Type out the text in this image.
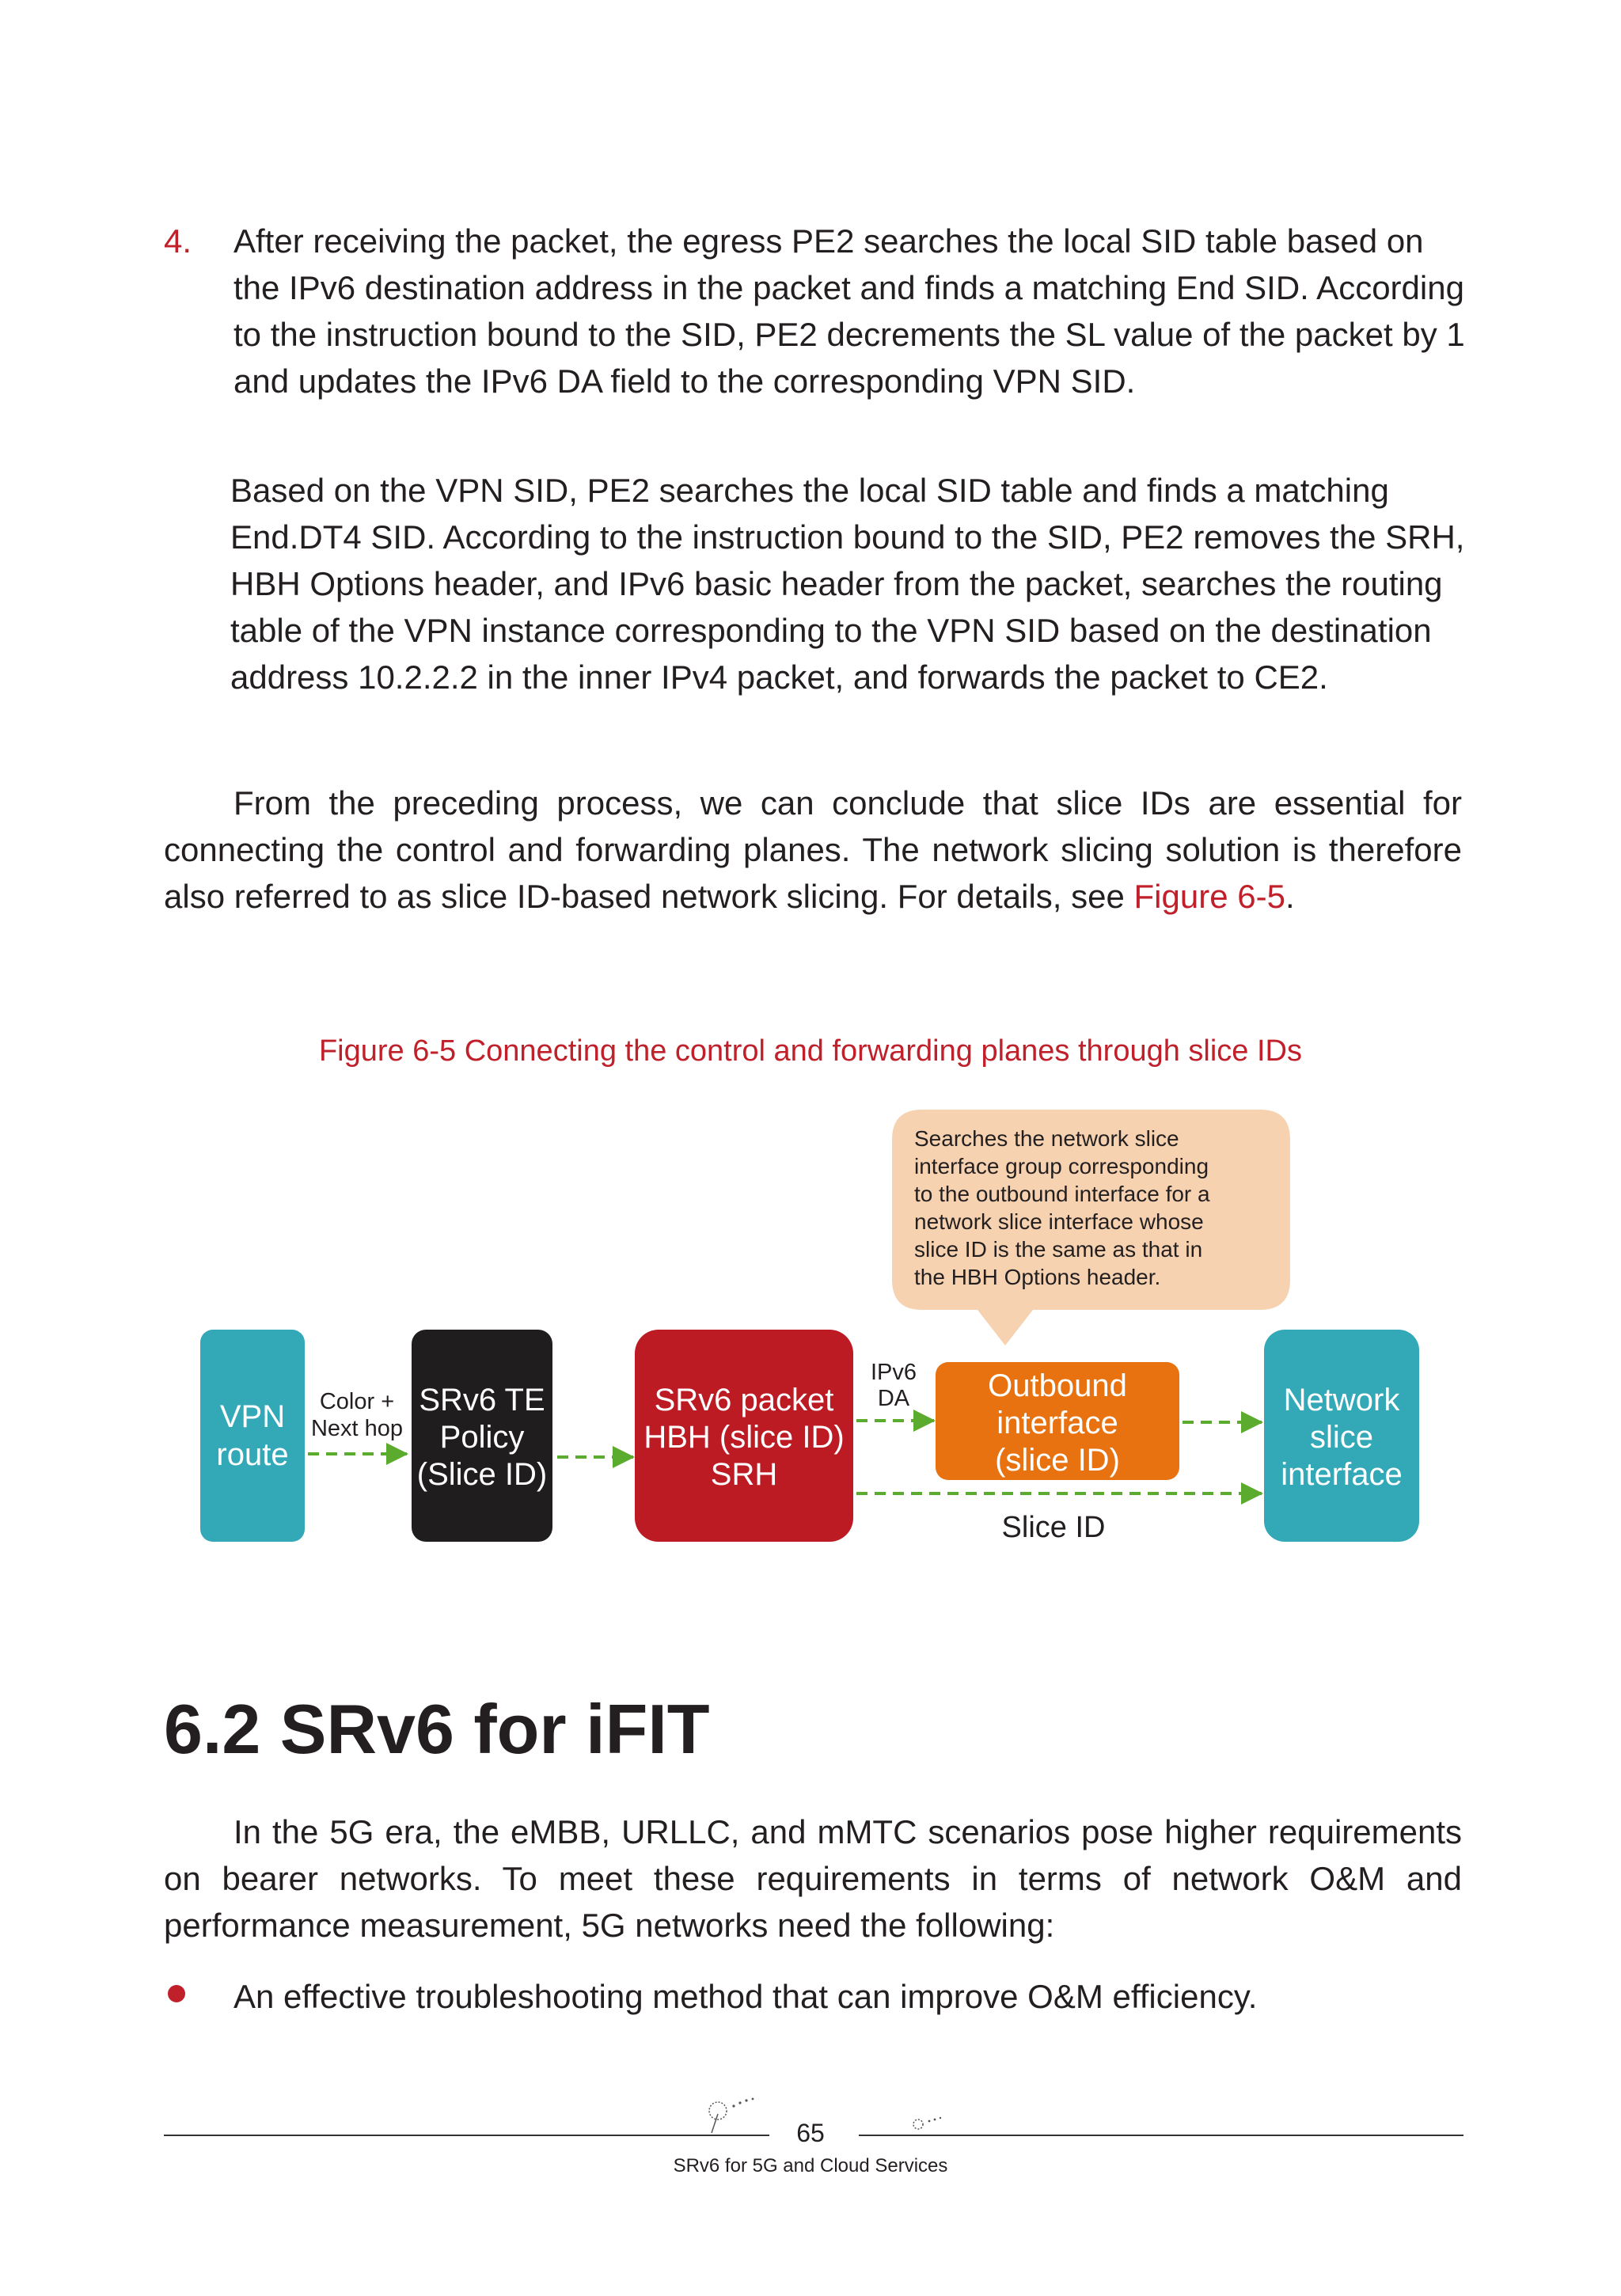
4. After receiving the packet, the egress PE2 searches the local SID table based on the IPv6 destination address in the packet and finds a matching End SID. According to the instruction bound to the SID, PE2 decrements the SL value of the packet by 1 and updates the IPv6 DA field to the corresponding VPN SID.
Based on the VPN SID, PE2 searches the local SID table and finds a matching End.DT4 SID. According to the instruction bound to the SID, PE2 removes the SRH, HBH Options header, and IPv6 basic header from the packet, searches the routing table of the VPN instance corresponding to the VPN SID based on the destination address 10.2.2.2 in the inner IPv4 packet, and forwards the packet to CE2.
From the preceding process, we can conclude that slice IDs are essential for connecting the control and forwarding planes. The network slicing solution is therefore also referred to as slice ID-based network slicing. For details, see Figure 6-5.
Figure 6-5 Connecting the control and forwarding planes through slice IDs
Searches the network slice
interface group corresponding
to the outbound interface for a
network slice interface whose
slice ID is the same as that in
the HBH Options header.
VPN
route
Color +
Next hop
SRv6 TE
Policy
(Slice ID)
SRv6 packet
HBH (slice ID)
SRH
IPv6
DA Outbound
interface
(slice ID)
Slice ID
Network
slice
interface
6.2 SRv6 for iFIT
In the 5G era, the eMBB, URLLC, and mMTC scenarios pose higher requirements on bearer networks. To meet these requirements in terms of network O&M and performance measurement, 5G networks need the following:
An effective troubleshooting method that can improve O&M efficiency.
65
SRv6 for 5G and Cloud Services
